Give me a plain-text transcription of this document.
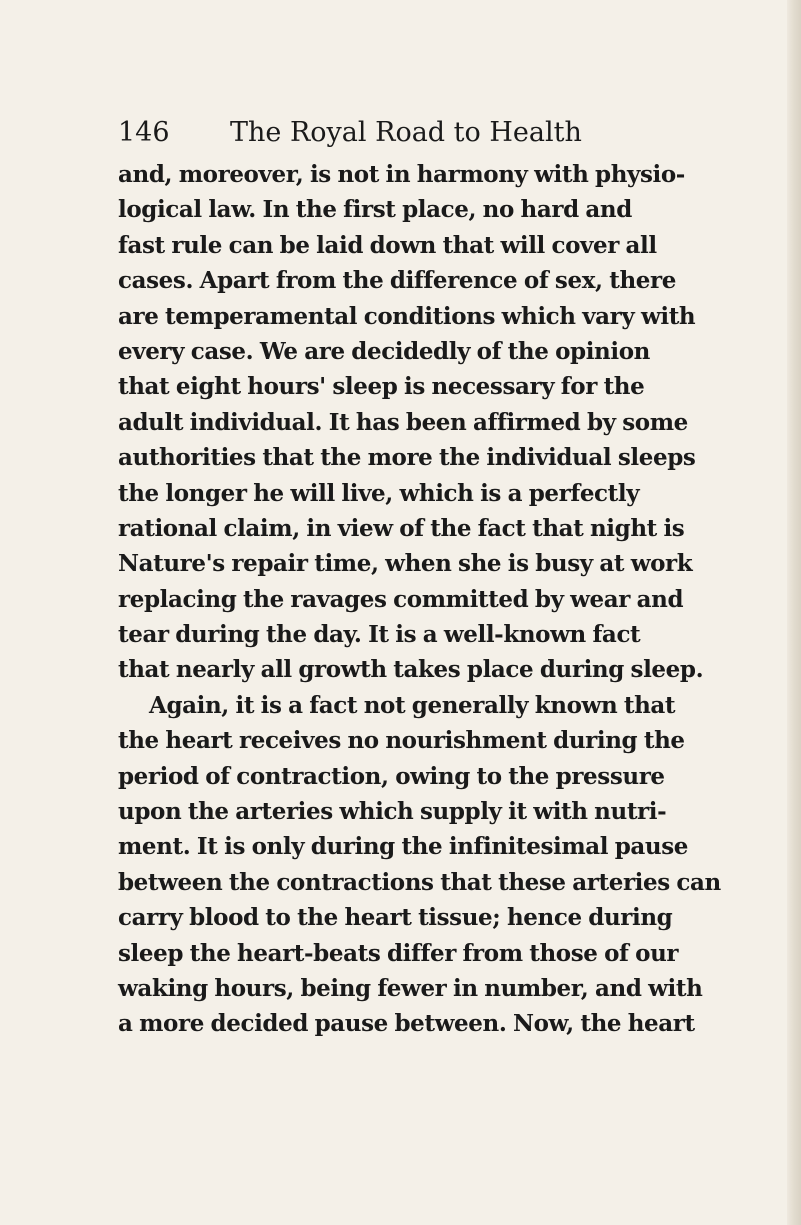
146 The Royal Road to Health
and, moreover, is not in harmony with physio-
logical law. In the first place, no hard and
fast rule can be laid down that will cover all
cases. Apart from the difference of sex, there
are temperamental conditions which vary with
every case. We are decidedly of the opinion
that eight hours' sleep is necessary for the
adult individual. It has been affirmed by some
authorities that the more the individual sleeps
the longer he will live, which is a perfectly
rational claim, in view of the fact that night is
Nature's repair time, when she is busy at work
replacing the ravages committed by wear and
tear during the day. It is a well-known fact
that nearly all growth takes place during sleep.
Again, it is a fact not generally known that
the heart receives no nourishment during the
period of contraction, owing to the pressure
upon the arteries which supply it with nutri-
ment. It is only during the infinitesimal pause
between the contractions that these arteries can
carry blood to the heart tissue; hence during
sleep the heart-beats differ from those of our
waking hours, being fewer in number, and with
a more decided pause between. Now, the heart
